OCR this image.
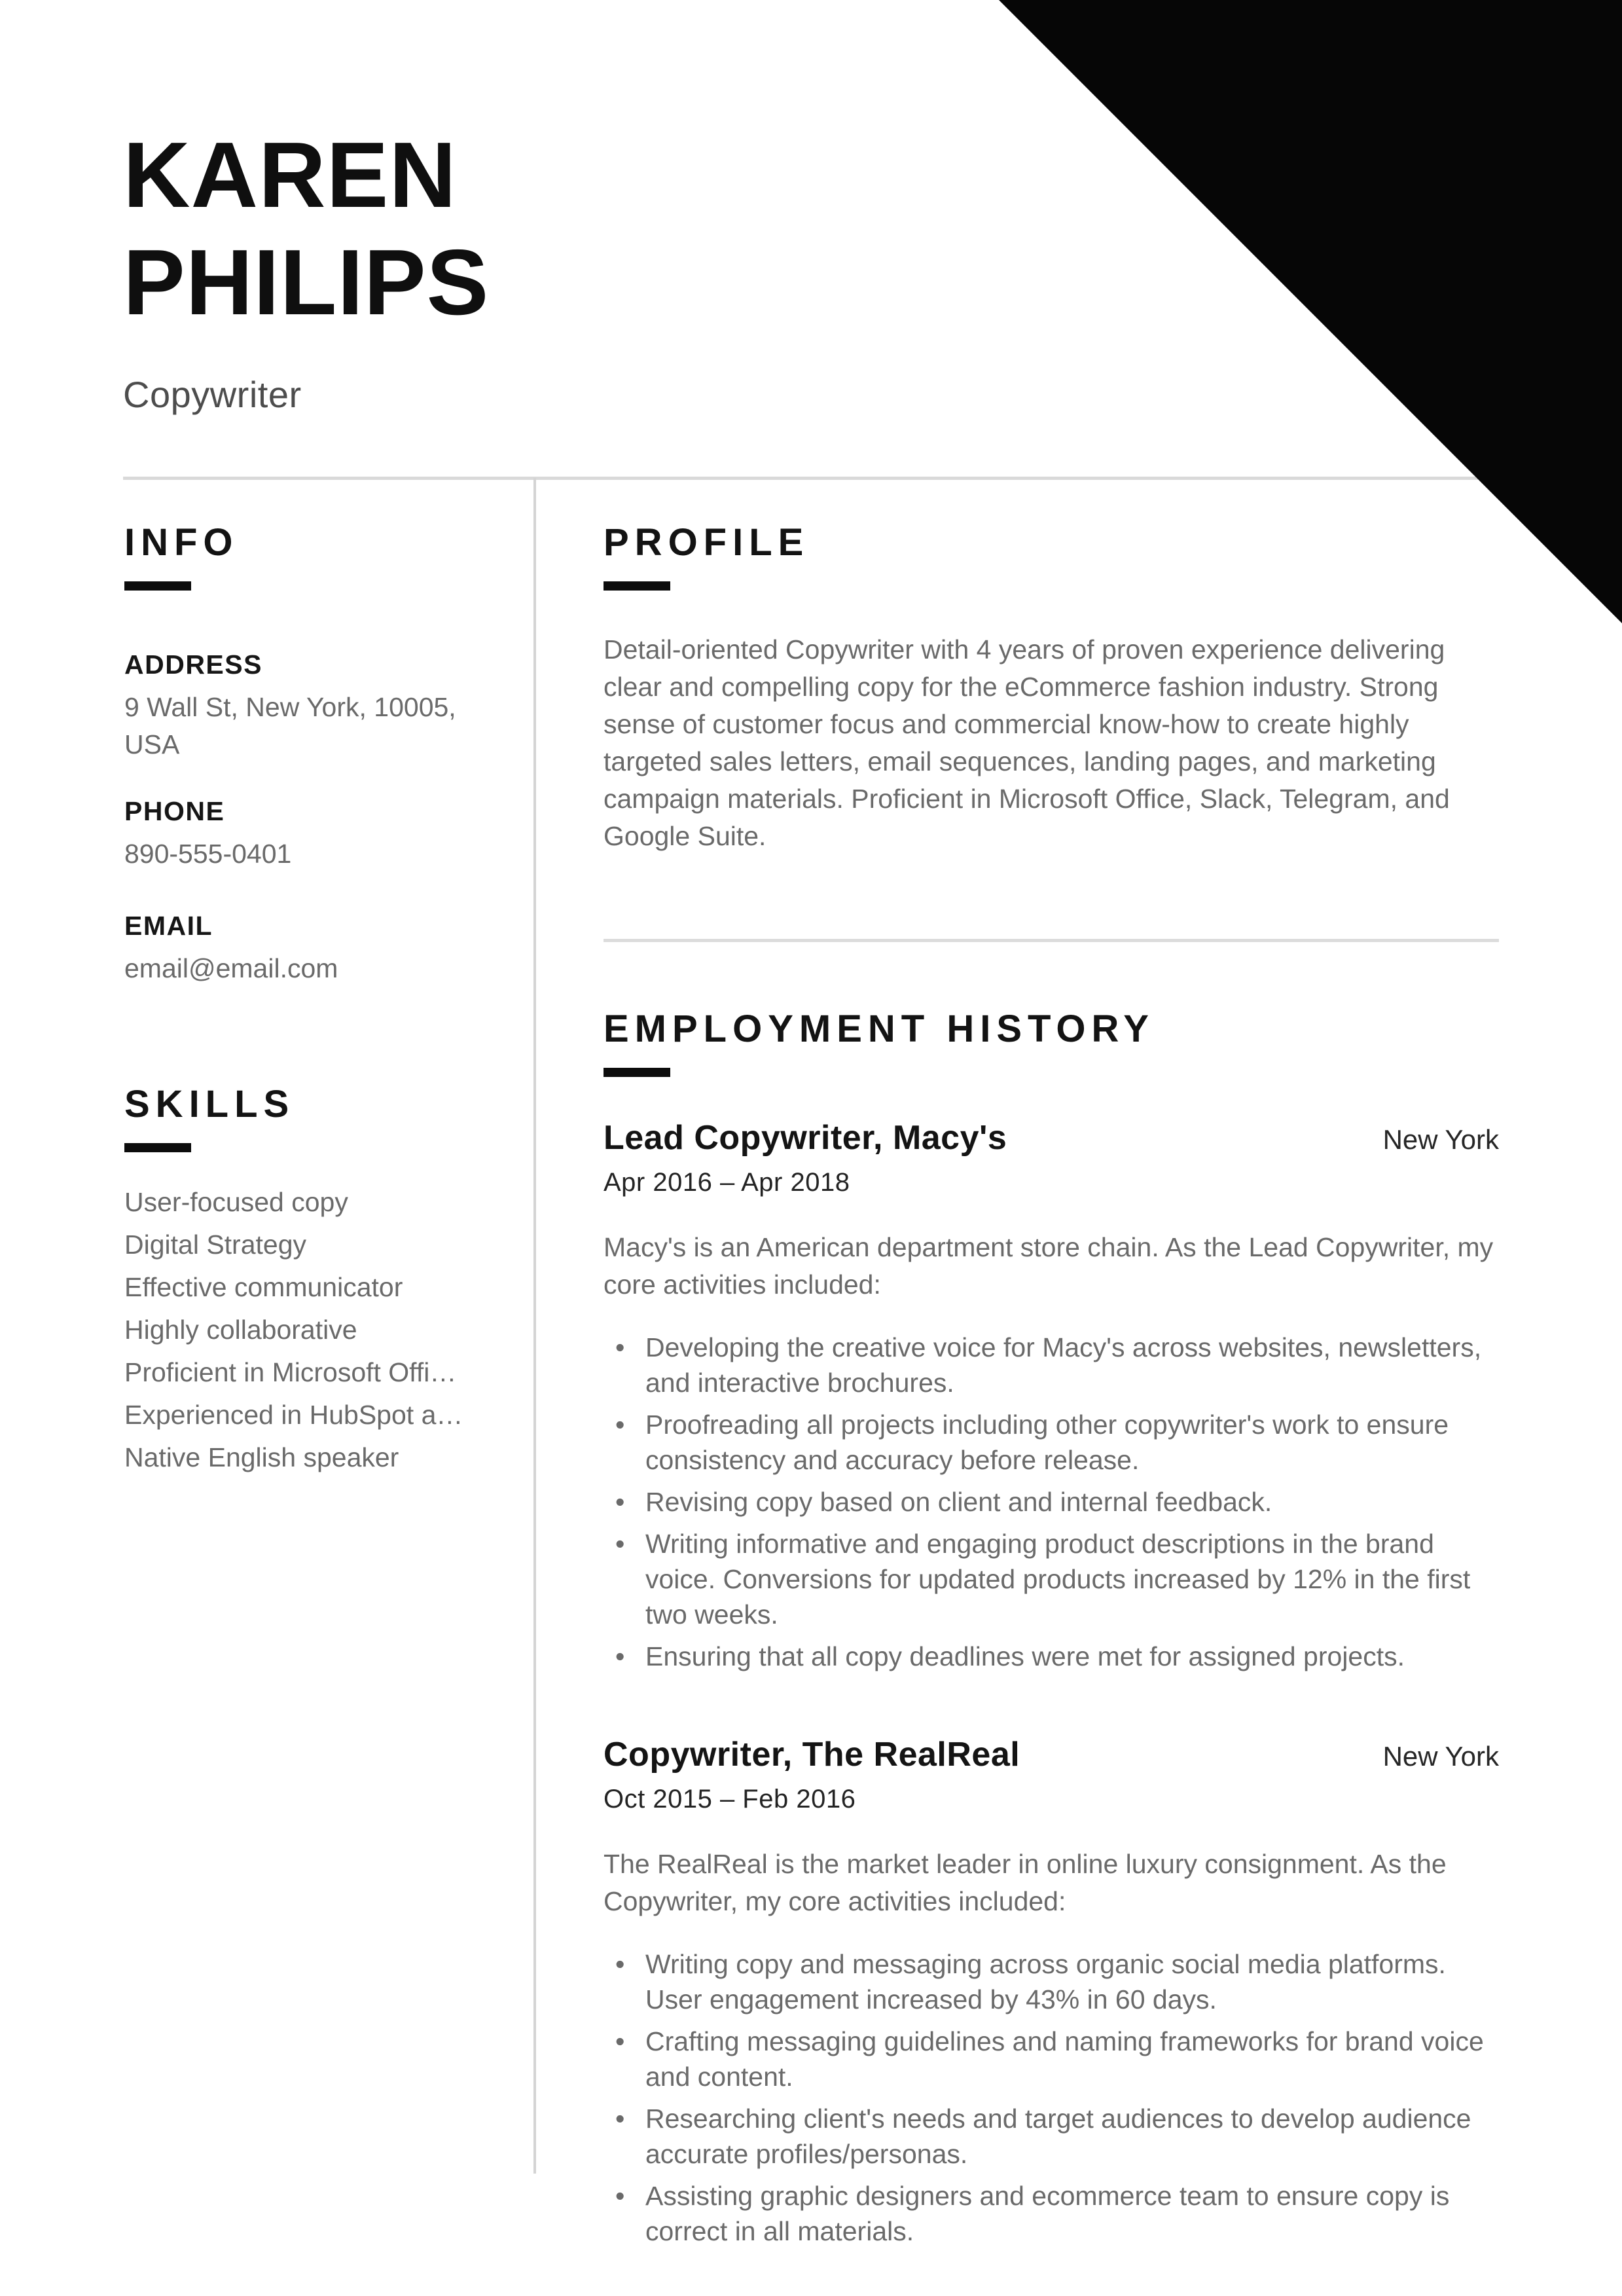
KAREN
PHILIPS
Copywriter
INFO
ADDRESS
9 Wall St, New York, 10005, USA
PHONE
890-555-0401
EMAIL
email@email.com
SKILLS
User-focused copy
Digital Strategy
Effective communicator
Highly collaborative
Proficient in Microsoft Offi…
Experienced in HubSpot a…
Native English speaker
PROFILE

Detail-oriented Copywriter with 4 years of proven experience delivering clear and compelling copy for the eCommerce fashion industry. Strong sense of customer focus and commercial know-how to create highly targeted sales letters, email sequences, landing pages, and marketing campaign materials. Proficient in Microsoft Office, Slack, Telegram, and Google Suite.

EMPLOYMENT HISTORY
Lead Copywriter, Macy's	New York
Apr 2016 – Apr 2018

Macy's is an American department store chain. As the Lead Copywriter, my core activities included:

• Developing the creative voice for Macy's across websites, newsletters, and interactive brochures.
• Proofreading all projects including other copywriter's work to ensure consistency and accuracy before release.
• Revising copy based on client and internal feedback.
• Writing informative and engaging product descriptions in the brand voice. Conversions for updated products increased by 12% in the first two weeks.
• Ensuring that all copy deadlines were met for assigned projects.
Copywriter, The RealReal	New York
Oct 2015 – Feb 2016

The RealReal is the market leader in online luxury consignment. As the Copywriter, my core activities included:

• Writing copy and messaging across organic social media platforms. User engagement increased by 43% in 60 days.
• Crafting messaging guidelines and naming frameworks for brand voice and content.
• Researching client's needs and target audiences to develop audience accurate profiles/personas.
• Assisting graphic designers and ecommerce team to ensure copy is correct in all materials.
